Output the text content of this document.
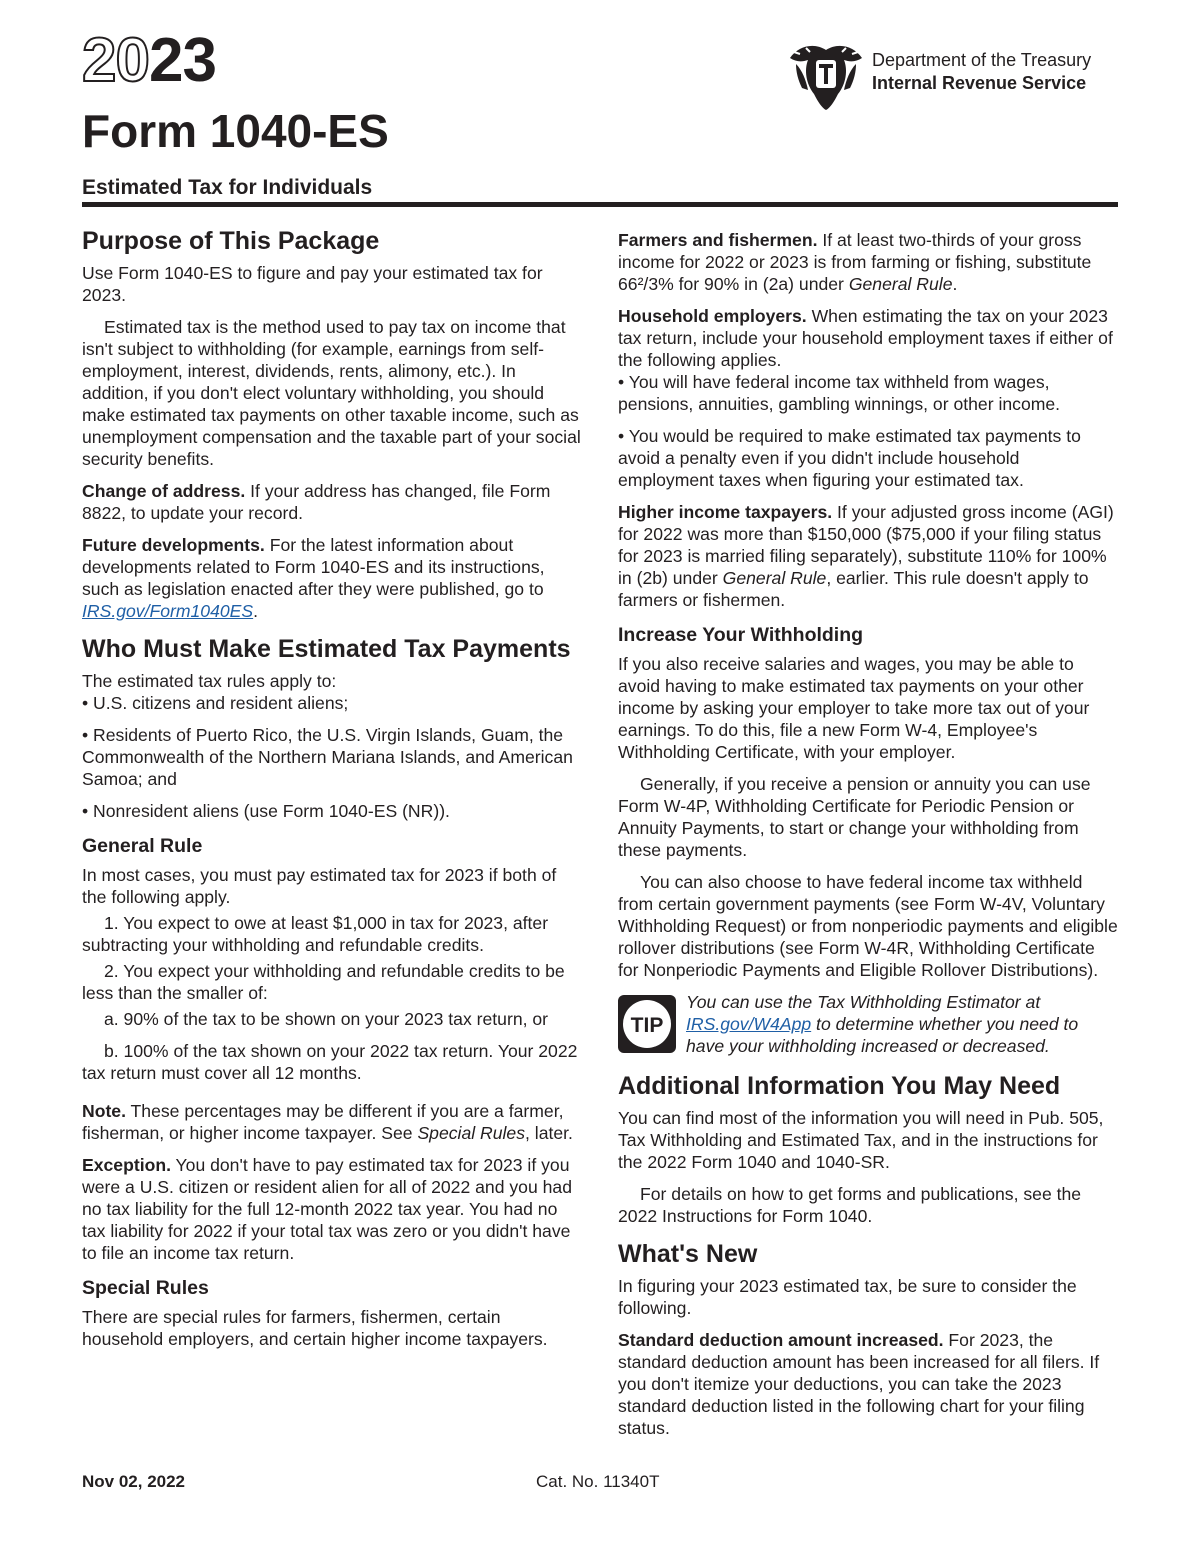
2023
Form 1040-ES
Estimated Tax for Individuals
Department of the Treasury
Internal Revenue Service
Purpose of This Package

Use Form 1040-ES to figure and pay your estimated tax for 2023.

Estimated tax is the method used to pay tax on income that isn't subject to withholding (for example, earnings from self-employment, interest, dividends, rents, alimony, etc.). In addition, if you don't elect voluntary withholding, you should make estimated tax payments on other taxable income, such as unemployment compensation and the taxable part of your social security benefits.

Change of address. If your address has changed, file Form 8822, to update your record.

Future developments. For the latest information about developments related to Form 1040-ES and its instructions, such as legislation enacted after they were published, go to IRS.gov/Form1040ES.

Who Must Make Estimated Tax Payments

The estimated tax rules apply to:

• U.S. citizens and resident aliens;

• Residents of Puerto Rico, the U.S. Virgin Islands, Guam, the Commonwealth of the Northern Mariana Islands, and American Samoa; and

• Nonresident aliens (use Form 1040-ES (NR)).

General Rule

In most cases, you must pay estimated tax for 2023 if both of the following apply.

1. You expect to owe at least $1,000 in tax for 2023, after subtracting your withholding and refundable credits.

2. You expect your withholding and refundable credits to be less than the smaller of:

a. 90% of the tax to be shown on your 2023 tax return, or

b. 100% of the tax shown on your 2022 tax return. Your 2022 tax return must cover all 12 months.

Note. These percentages may be different if you are a farmer, fisherman, or higher income taxpayer. See Special Rules, later.

Exception. You don't have to pay estimated tax for 2023 if you were a U.S. citizen or resident alien for all of 2022 and you had no tax liability for the full 12-month 2022 tax year. You had no tax liability for 2022 if your total tax was zero or you didn't have to file an income tax return.

Special Rules

There are special rules for farmers, fishermen, certain household employers, and certain higher income taxpayers.

Farmers and fishermen. If at least two-thirds of your gross income for 2022 or 2023 is from farming or fishing, substitute 66²/3% for 90% in (2a) under General Rule.

Household employers. When estimating the tax on your 2023 tax return, include your household employment taxes if either of the following applies.

• You will have federal income tax withheld from wages, pensions, annuities, gambling winnings, or other income.

• You would be required to make estimated tax payments to avoid a penalty even if you didn't include household employment taxes when figuring your estimated tax.

Higher income taxpayers. If your adjusted gross income (AGI) for 2022 was more than $150,000 ($75,000 if your filing status for 2023 is married filing separately), substitute 110% for 100% in (2b) under General Rule, earlier. This rule doesn't apply to farmers or fishermen.

Increase Your Withholding

If you also receive salaries and wages, you may be able to avoid having to make estimated tax payments on your other income by asking your employer to take more tax out of your earnings. To do this, file a new Form W-4, Employee's Withholding Certificate, with your employer.

Generally, if you receive a pension or annuity you can use Form W-4P, Withholding Certificate for Periodic Pension or Annuity Payments, to start or change your withholding from these payments.

You can also choose to have federal income tax withheld from certain government payments (see Form W-4V, Voluntary Withholding Request) or from nonperiodic payments and eligible rollover distributions (see Form W-4R, Withholding Certificate for Nonperiodic Payments and Eligible Rollover Distributions).

TIP
You can use the Tax Withholding Estimator at IRS.gov/W4App to determine whether you need to have your withholding increased or decreased.
Additional Information You May Need

You can find most of the information you will need in Pub. 505, Tax Withholding and Estimated Tax, and in the instructions for the 2022 Form 1040 and 1040-SR.

For details on how to get forms and publications, see the 2022 Instructions for Form 1040.

What's New

In figuring your 2023 estimated tax, be sure to consider the following.

Standard deduction amount increased. For 2023, the standard deduction amount has been increased for all filers. If you don't itemize your deductions, you can take the 2023 standard deduction listed in the following chart for your filing status.

Nov 02, 2022	Cat. No. 11340T
